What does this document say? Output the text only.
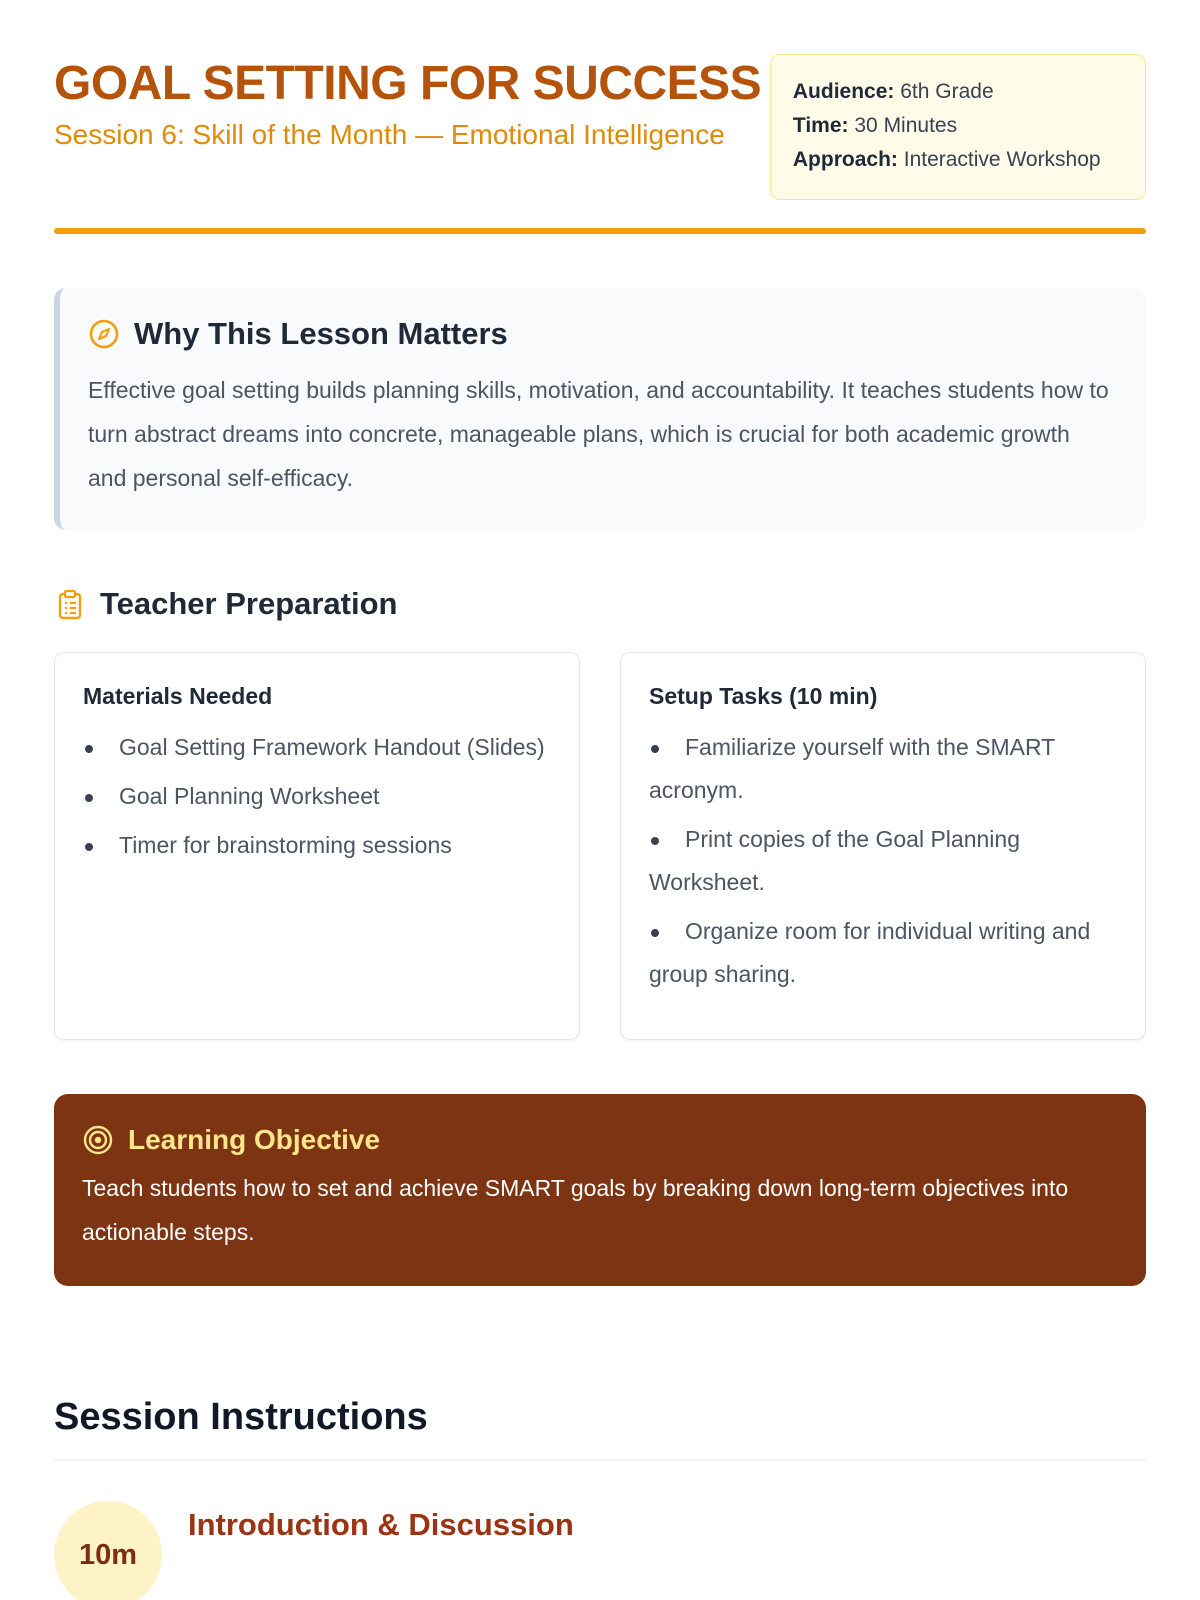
GOAL SETTING FOR SUCCESS
Session 6: Skill of the Month — Emotional Intelligence
Audience: 6th Grade
Time: 30 Minutes
Approach: Interactive Workshop
Why This Lesson Matters

Effective goal setting builds planning skills, motivation, and accountability. It teaches students how to turn abstract dreams into concrete, manageable plans, which is crucial for both academic growth and personal self-efficacy.

Teacher Preparation
Materials Needed
Goal Setting Framework Handout (Slides)
Goal Planning Worksheet
Timer for brainstorming sessions
Setup Tasks (10 min)
Familiarize yourself with the SMART acronym.
Print copies of the Goal Planning Worksheet.
Organize room for individual writing and group sharing.
Learning Objective

Teach students how to set and achieve SMART goals by breaking down long-term objectives into actionable steps.

Session Instructions
10m
Introduction & Discussion
